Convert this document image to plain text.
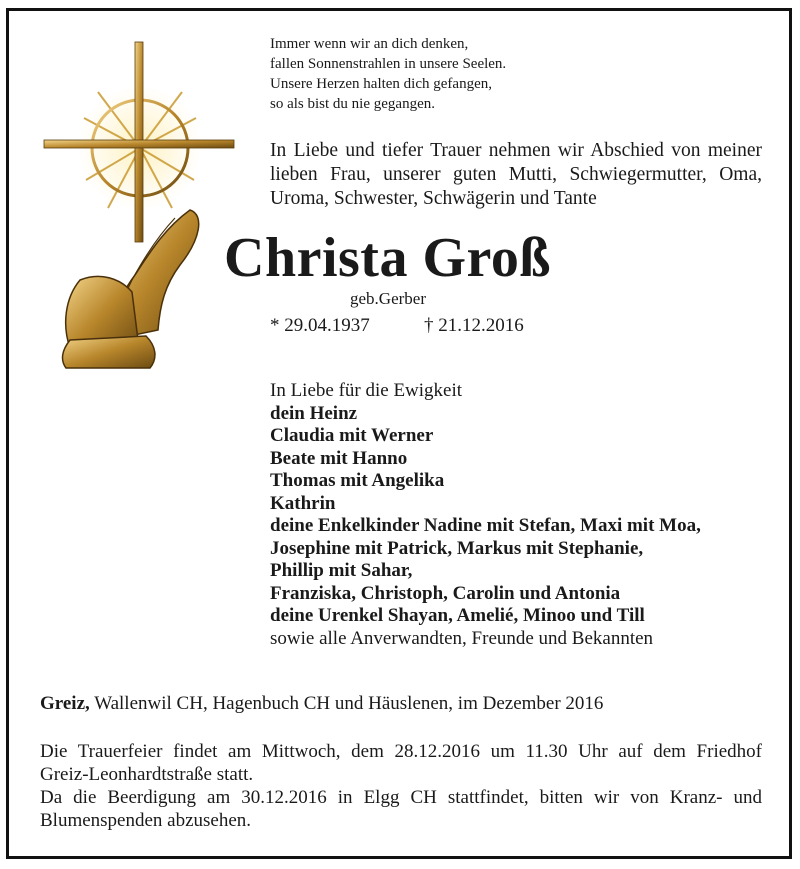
Immer wenn wir an dich denken,
fallen Sonnenstrahlen in unsere Seelen.
Unsere Herzen halten dich gefangen,
so als bist du nie gegangen.
In Liebe und tiefer Trauer nehmen wir Abschied von meiner
lieben Frau, unserer guten Mutti, Schwiegermutter, Oma,
Uroma, Schwester, Schwägerin und Tante
Christa Groß
geb.Gerber
* 29.04.1937	† 21.12.2016
In Liebe für die Ewigkeit
dein Heinz
Claudia mit Werner
Beate mit Hanno
Thomas mit Angelika
Kathrin
deine Enkelkinder Nadine mit Stefan, Maxi mit Moa,
Josephine mit Patrick, Markus mit Stephanie,
Phillip mit Sahar,
Franziska, Christoph, Carolin und Antonia
deine Urenkel Shayan, Amelié, Minoo und Till
sowie alle Anverwandten, Freunde und Bekannten
Greiz, Wallenwil CH, Hagenbuch CH und Häuslenen, im Dezember 2016
Die Trauerfeier findet am Mittwoch, dem 28.12.2016 um 11.30 Uhr auf dem Friedhof
Greiz-Leonhardtstraße statt.
Da die Beerdigung am 30.12.2016 in Elgg CH stattfindet, bitten wir von Kranz- und
Blumenspenden abzusehen.
